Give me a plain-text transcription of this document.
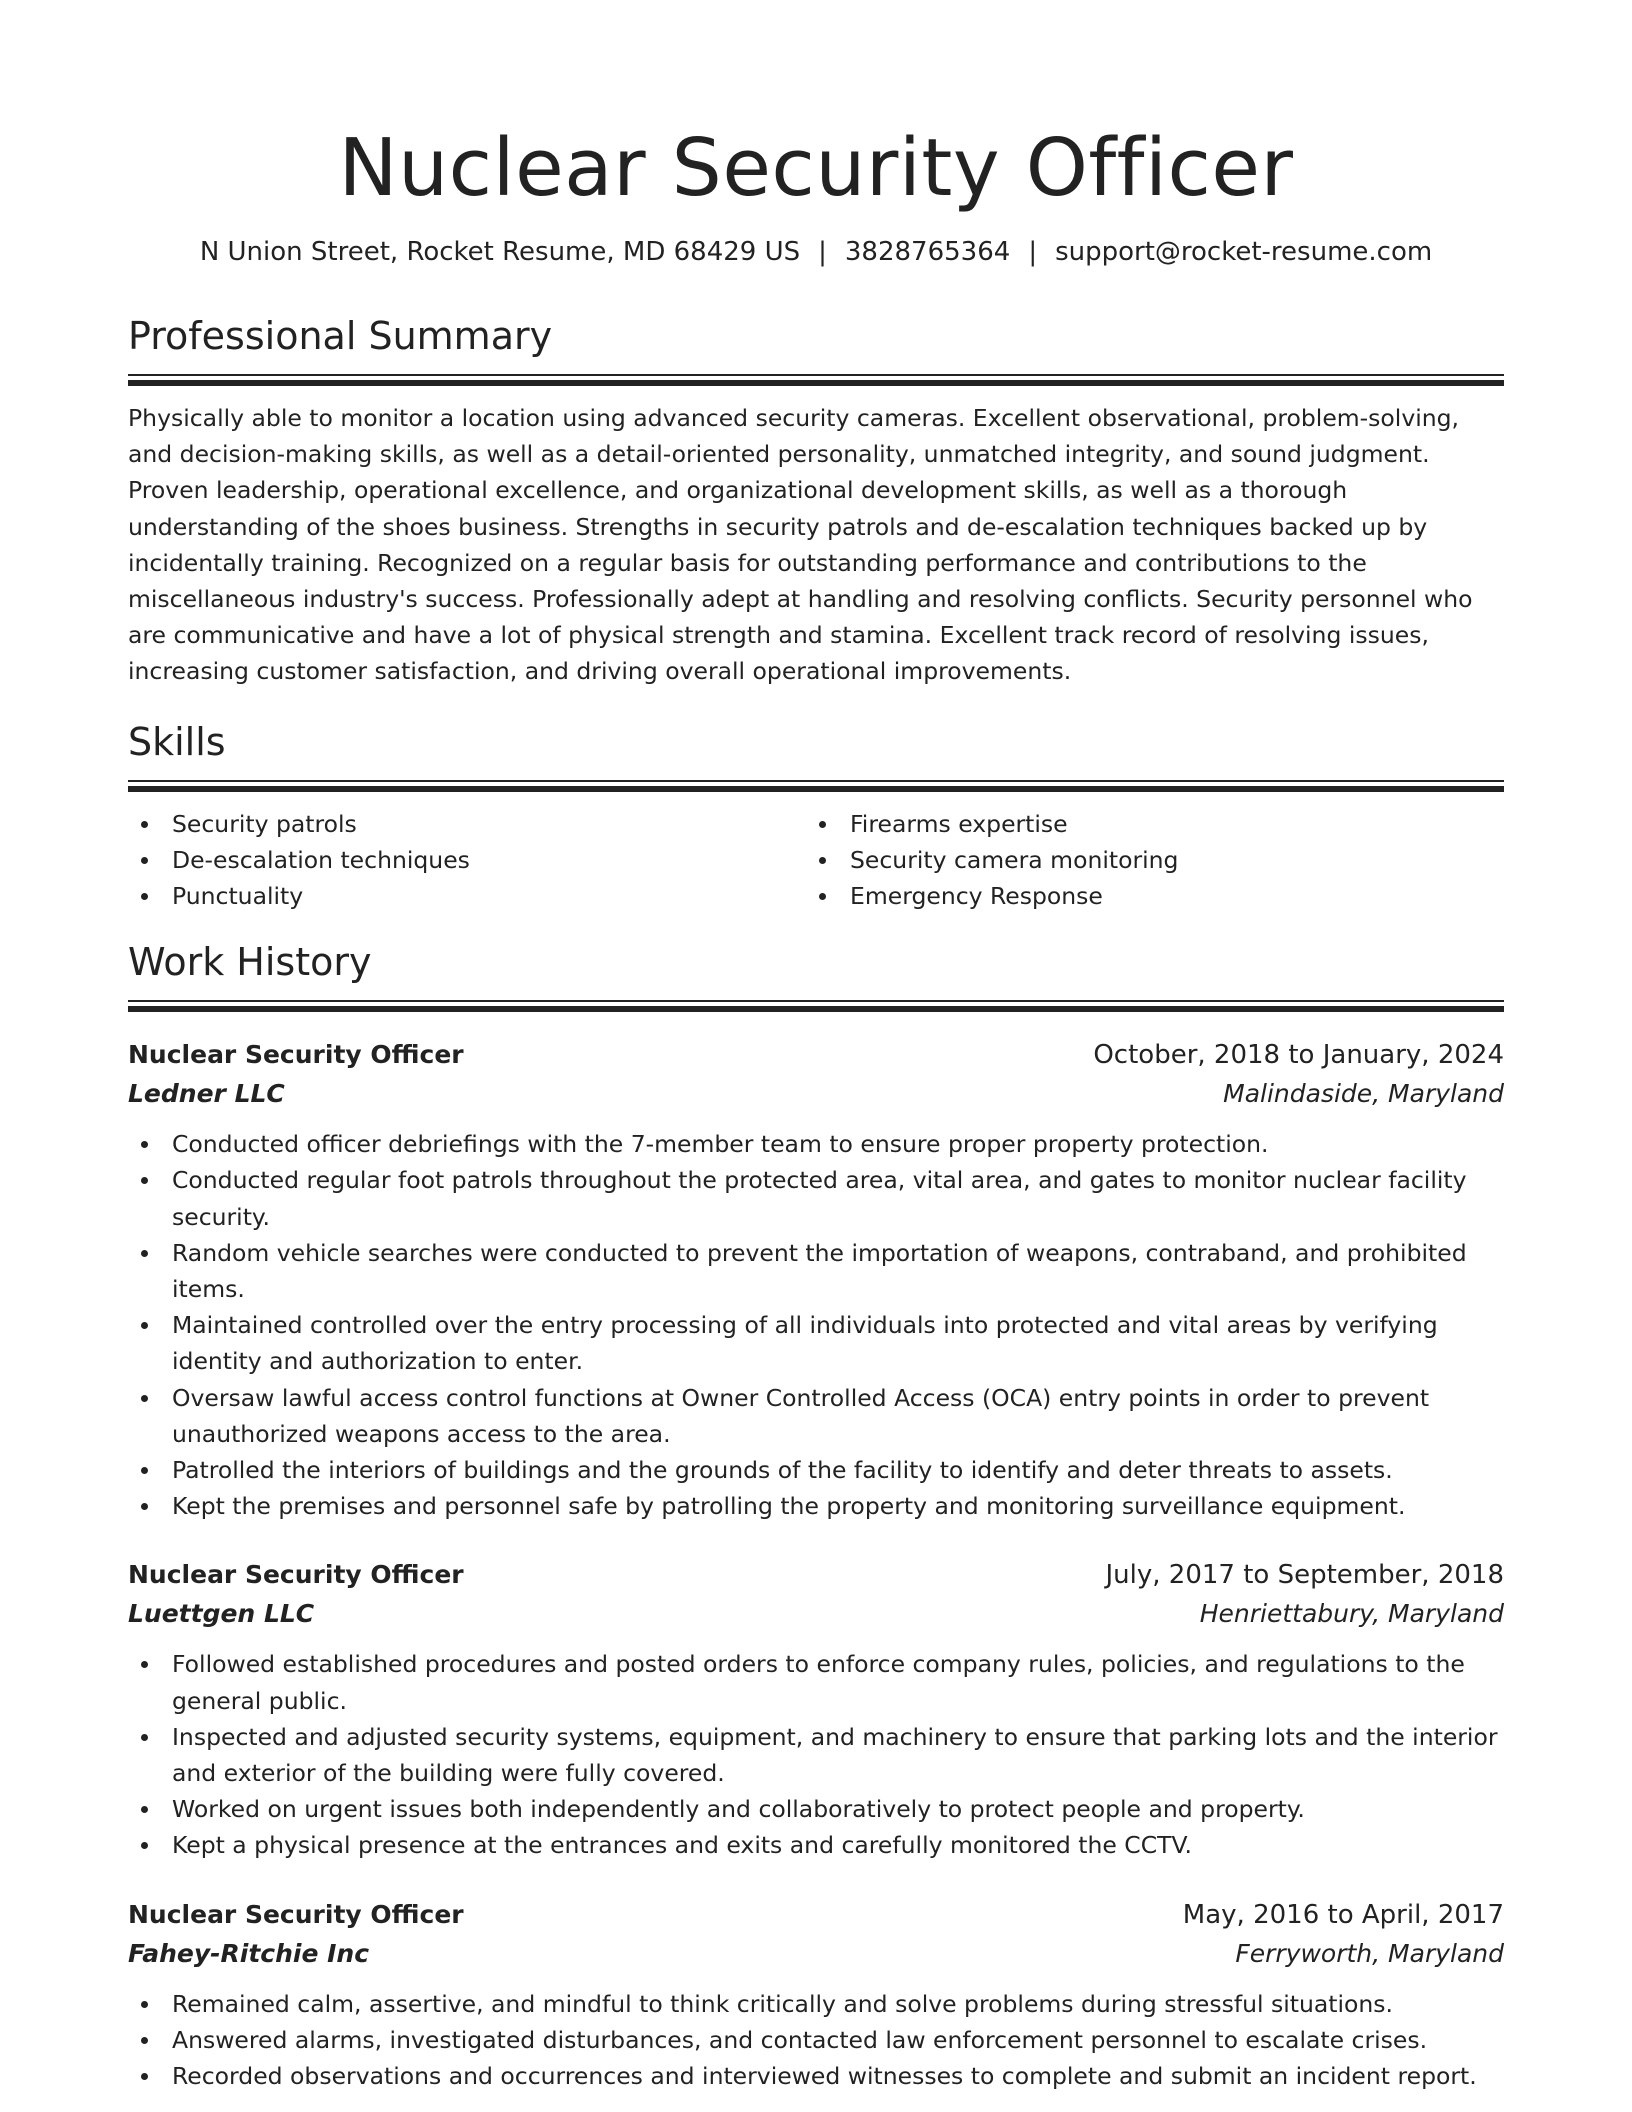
Nuclear Security Officer
N Union Street, Rocket Resume, MD 68429 US | 3828765364 | support@rocket-resume.com
Professional Summary

Physically able to monitor a location using advanced security cameras. Excellent observational, problem-solving, and decision-making skills, as well as a detail-oriented personality, unmatched integrity, and sound judgment. Proven leadership, operational excellence, and organizational development skills, as well as a thorough understanding of the shoes business. Strengths in security patrols and de-escalation techniques backed up by incidentally training. Recognized on a regular basis for outstanding performance and contributions to the miscellaneous industry's success. Professionally adept at handling and resolving conflicts. Security personnel who are communicative and have a lot of physical strength and stamina. Excellent track record of resolving issues, increasing customer satisfaction, and driving overall operational improvements.

Skills
Security patrols
De-escalation techniques
Punctuality
Firearms expertise
Security camera monitoring
Emergency Response
Work History
Nuclear Security Officer	October, 2018 to January, 2024
Ledner LLC	Malindaside, Maryland
Conducted officer debriefings with the 7-member team to ensure proper property protection.
Conducted regular foot patrols throughout the protected area, vital area, and gates to monitor nuclear facility security.
Random vehicle searches were conducted to prevent the importation of weapons, contraband, and prohibited items.
Maintained controlled over the entry processing of all individuals into protected and vital areas by verifying identity and authorization to enter.
Oversaw lawful access control functions at Owner Controlled Access (OCA) entry points in order to prevent unauthorized weapons access to the area.
Patrolled the interiors of buildings and the grounds of the facility to identify and deter threats to assets.
Kept the premises and personnel safe by patrolling the property and monitoring surveillance equipment.
Nuclear Security Officer	July, 2017 to September, 2018
Luettgen LLC	Henriettabury, Maryland
Followed established procedures and posted orders to enforce company rules, policies, and regulations to the general public.
Inspected and adjusted security systems, equipment, and machinery to ensure that parking lots and the interior and exterior of the building were fully covered.
Worked on urgent issues both independently and collaboratively to protect people and property.
Kept a physical presence at the entrances and exits and carefully monitored the CCTV.
Nuclear Security Officer	May, 2016 to April, 2017
Fahey-Ritchie Inc	Ferryworth, Maryland
Remained calm, assertive, and mindful to think critically and solve problems during stressful situations.
Answered alarms, investigated disturbances, and contacted law enforcement personnel to escalate crises.
Recorded observations and occurrences and interviewed witnesses to complete and submit an incident report.
